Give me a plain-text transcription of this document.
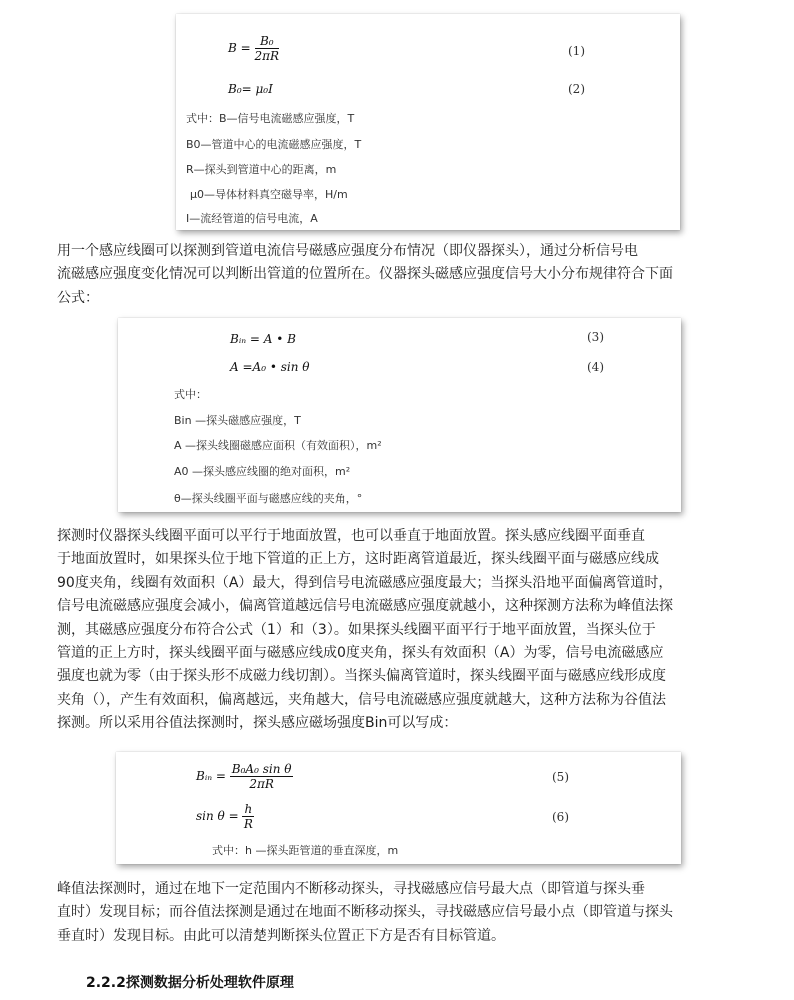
$B = \frac{\text{B₀}}{2\pi R}$	(1)
B₀= μ₀I	(2)
式中：B—信号电流磁感应强度，T
B0—管道中心的电流磁感应强度，T
R—探头到管道中心的距离，m
μ0—导体材料真空磁导率，H/m
I—流经管道的信号电流，A
用一个感应线圈可以探测到管道电流信号磁感应强度分布情况（即仪器探头），通过分析信号电
流磁感应强度变化情况可以判断出管道的位置所在。仪器探头磁感应强度信号大小分布规律符合下面
公式：
Bᵢₙ = A • B	(3)
A =A₀ • sin θ	(4)
式中：
Bin —探头磁感应强度，T
A —探头线圈磁感应面积（有效面积），m²
A0 —探头感应线圈的绝对面积，m²
θ—探头线圈平面与磁感应线的夹角，°
探测时仪器探头线圈平面可以平行于地面放置，也可以垂直于地面放置。探头感应线圈平面垂直
于地面放置时，如果探头位于地下管道的正上方，这时距离管道最近，探头线圈平面与磁感应线成
90度夹角，线圈有效面积（A）最大，得到信号电流磁感应强度最大；当探头沿地平面偏离管道时，
信号电流磁感应强度会减小，偏离管道越远信号电流磁感应强度就越小，这种探测方法称为峰值法探
测，其磁感应强度分布符合公式（1）和（3）。如果探头线圈平面平行于地平面放置，当探头位于
管道的正上方时，探头线圈平面与磁感应线成0度夹角，探头有效面积（A）为零，信号电流磁感应
强度也就为零（由于探头形不成磁力线切割）。当探头偏离管道时，探头线圈平面与磁感应线形成度
夹角（），产生有效面积，偏离越远，夹角越大，信号电流磁感应强度就越大，这种方法称为谷值法
探测。所以采用谷值法探测时，探头感应磁场强度Bin可以写成：
Bᵢₙ = $\frac{\text{B₀A₀ sin θ}}{2\pi R}$	(5)
$\sin \theta = \frac{h}{R}$	(6)
式中：h —探头距管道的垂直深度，m
峰值法探测时，通过在地下一定范围内不断移动探头，寻找磁感应信号最大点（即管道与探头垂
直时）发现目标；而谷值法探测是通过在地面不断移动探头，寻找磁感应信号最小点（即管道与探头
垂直时）发现目标。由此可以清楚判断探头位置正下方是否有目标管道。
2.2.2探测数据分析处理软件原理
